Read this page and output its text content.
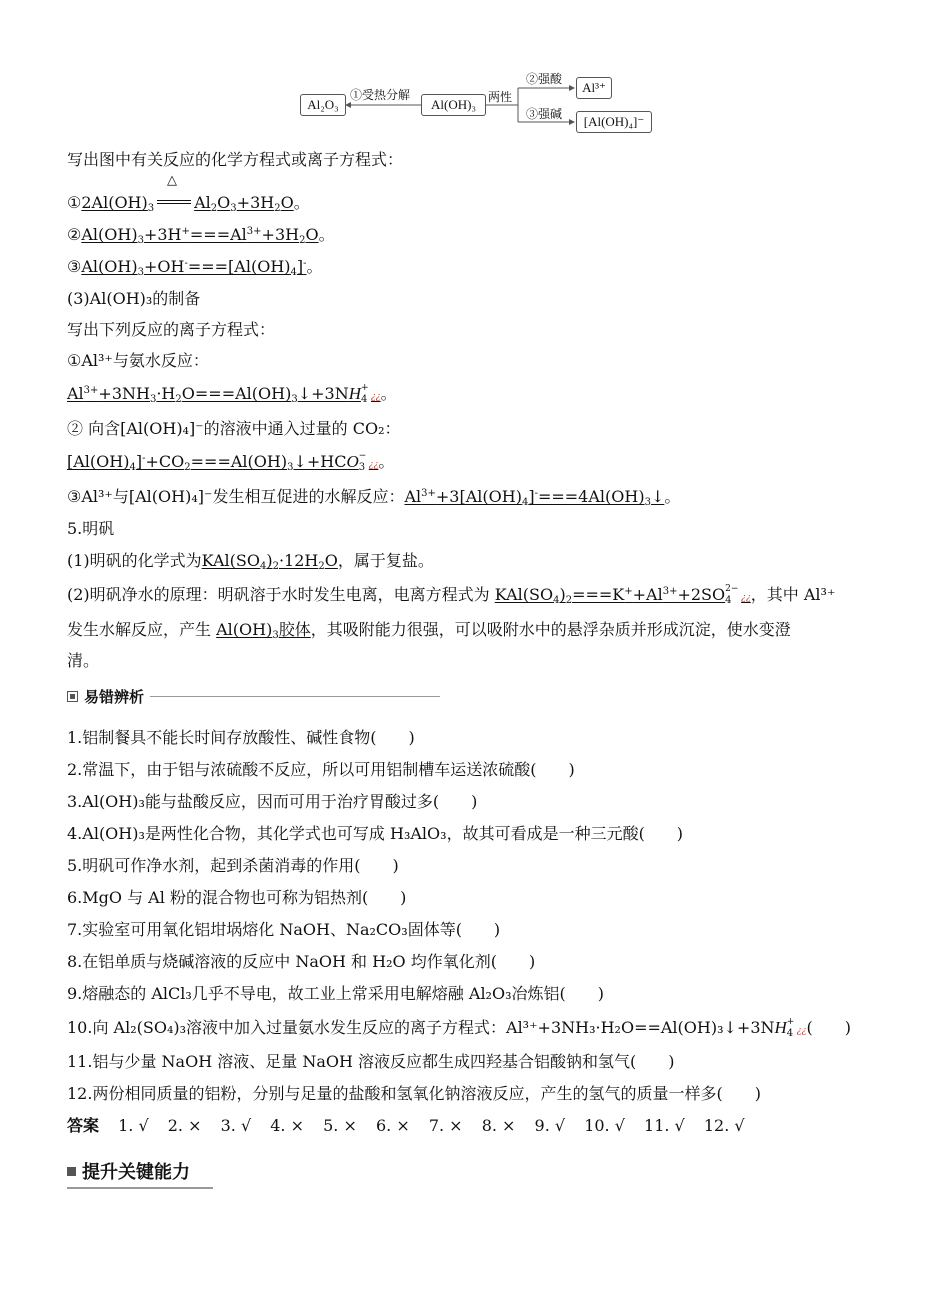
Al₂O₃	Al(OH)₃
Al³⁺
[Al(OH)₄]⁻
①受热分解	两性
②强酸
③强碱
写出图中有关反应的化学方程式或离子方程式：
△
$①2Al(OH)_3$	$Al_2O_3+3H_2O$。
$②Al(OH)_3+3H^+===Al^{3+}+3H_2O$。
$③Al(OH)_3+OH^-===[Al(OH)_4]^-$。
(3)Al(OH)₃的制备
写出下列反应的离子方程式：
①Al³⁺与氨水反应：
$Al^{3+}+3NH_3\cdot H_2O===Al(OH)_3↓+3NH$ +
4 ¿¿。
② 向含[Al(OH)₄]⁻的溶液中通入过量的 CO₂：
$[Al(OH)_4]^-+CO_2===Al(OH)_3↓+HCO$ −
3 ¿¿。
③Al³⁺与[Al(OH)₄]⁻发生相互促进的水解反应：$Al^{3+}+3[Al(OH)_4]^-===4Al(OH)_3↓$。
5.明矾
(1)明矾的化学式为$KAl(SO_4)_2\cdot 12H_2O$，属于复盐。
(2)明矾净水的原理：明矾溶于水时发生电离，电离方程式为 $KAl(SO_4)_2===K^++Al^{3+}+2SO$ 2−
4 ¿¿，其中 Al³⁺
发生水解反应，产生 $Al(OH)_3$胶体，其吸附能力很强，可以吸附水中的悬浮杂质并形成沉淀，使水变澄
清。
易错辨析
1.铝制餐具不能长时间存放酸性、碱性食物(　　)
2.常温下，由于铝与浓硫酸不反应，所以可用铝制槽车运送浓硫酸(　　)
3.Al(OH)₃能与盐酸反应，因而可用于治疗胃酸过多(　　)
4.Al(OH)₃是两性化合物，其化学式也可写成 H₃AlO₃，故其可看成是一种三元酸(　　)
5.明矾可作净水剂，起到杀菌消毒的作用(　　)
6.MgO 与 Al 粉的混合物也可称为铝热剂(　　)
7.实验室可用氧化铝坩埚熔化 NaOH、Na₂CO₃固体等(　　)
8.在铝单质与烧碱溶液的反应中 NaOH 和 H₂O 均作氧化剂(　　)
9.熔融态的 AlCl₃几乎不导电，故工业上常采用电解熔融 Al₂O₃冶炼铝(　　)
10.向 Al₂(SO₄)₃溶液中加入过量氨水发生反应的离子方程式：Al³⁺+3NH₃·H₂O==Al(OH)₃↓+3NH +
4 ¿¿(　　)
11.铝与少量 NaOH 溶液、足量 NaOH 溶液反应都生成四羟基合铝酸钠和氢气(　　)
12.两份相同质量的铝粉，分别与足量的盐酸和氢氧化钠溶液反应，产生的氢气的质量一样多(　　)
答案 1. √ 2. × 3. √ 4. × 5. × 6. × 7. × 8. × 9. √ 10. √ 11. √ 12. √
提升关键能力
